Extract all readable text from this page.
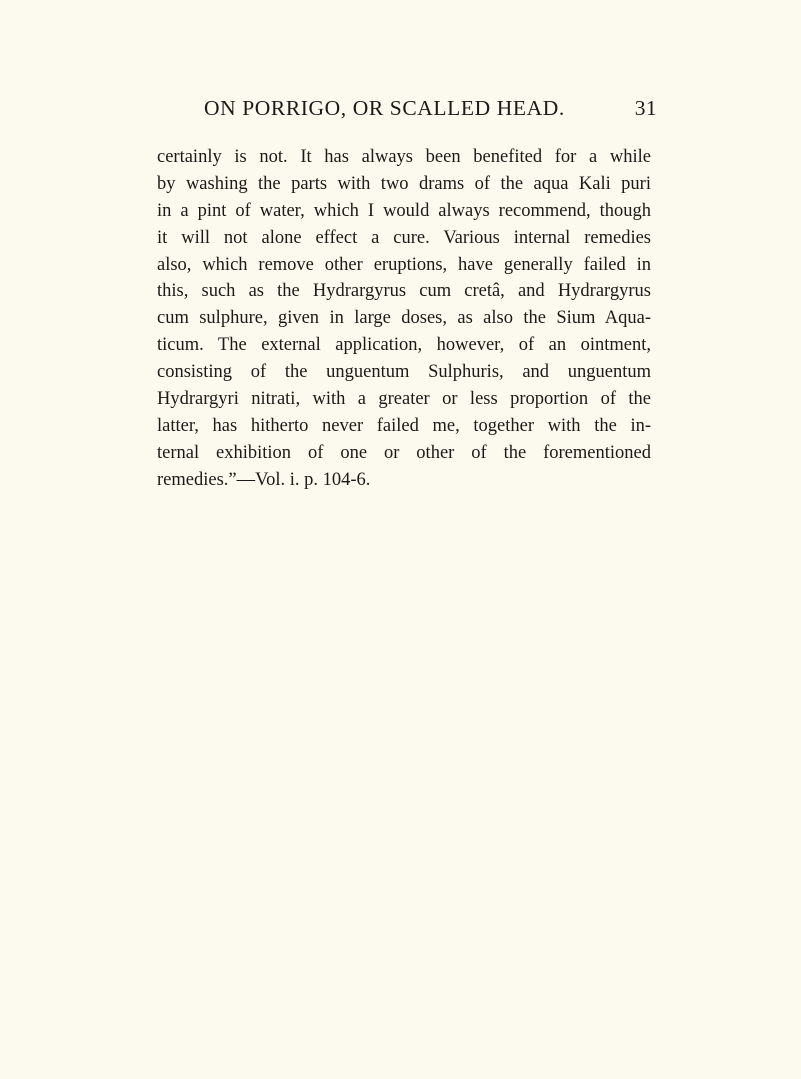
ON PORRIGO, OR SCALLED HEAD.	31
certainly is not. It has always been benefited for a while
by washing the parts with two drams of the aqua Kali puri
in a pint of water, which I would always recommend, though
it will not alone effect a cure. Various internal remedies
also, which remove other eruptions, have generally failed in
this, such as the Hydrargyrus cum cretâ, and Hydrargyrus
cum sulphure, given in large doses, as also the Sium Aqua-
ticum. The external application, however, of an ointment,
consisting of the unguentum Sulphuris, and unguentum
Hydrargyri nitrati, with a greater or less proportion of the
latter, has hitherto never failed me, together with the in-
ternal exhibition of one or other of the forementioned
remedies.”—Vol. i. p. 104-6.
